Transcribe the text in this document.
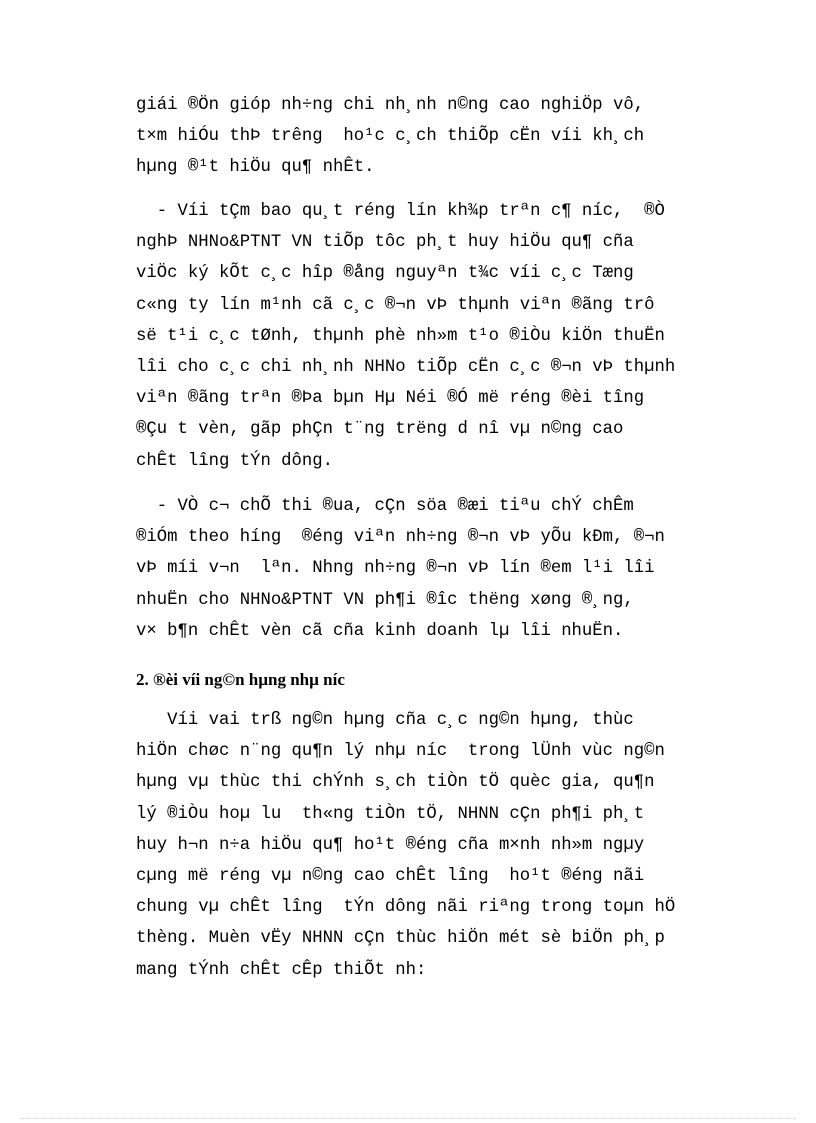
giái ®Ön gióp nh÷ng chi nh¸nh n©ng cao nghiÖp vô,
t×m hiÓu thÞ trêng  ho¹c c¸ch thiÕp cËn víi kh¸ch
hµng ®¹t hiÖu qu¶ nhÊt.
- Víi tÇm bao qu¸t réng lín kh¾p trªn c¶ níc,  ®Ò
nghÞ NHNo&PTNT VN tiÕp tôc ph¸t huy hiÖu qu¶ cña
viÖc ký kÕt c¸c hîp ®ång nguyªn t¾c víi c¸c Tæng
c«ng ty lín m¹nh cã c¸c ®¬n vÞ thµnh viªn ®ãng trô
së t¹i c¸c tØnh, thµnh phè nh»m t¹o ®iÒu kiÖn thuËn
lîi cho c¸c chi nh¸nh NHNo tiÕp cËn c¸c ®¬n vÞ thµnh
viªn ®ãng trªn ®Þa bµn Hµ Néi ®Ó më réng ®èi tîng
®Çu t vèn, gãp phÇn t¨ng trëng d nî vµ n©ng cao
chÊt lîng tÝn dông.
- VÒ c¬ chÕ thi ®ua, cÇn söa ®æi tiªu chÝ chÊm
®iÓm theo híng  ®éng viªn nh÷ng ®¬n vÞ yÕu kÐm, ®¬n
vÞ míi v¬n  lªn. Nhng nh÷ng ®¬n vÞ lín ®em l¹i lîi
nhuËn cho NHNo&PTNT VN ph¶i ®îc thëng xøng ®¸ng,
v× b¶n chÊt vèn cã cña kinh doanh lµ lîi nhuËn.
2. ®èi víi ng©n hµng nhµ níc
Víi vai trß ng©n hµng cña c¸c ng©n hµng, thùc
hiÖn chøc n¨ng qu¶n lý nhµ níc  trong lÜnh vùc ng©n
hµng vµ thùc thi chÝnh s¸ch tiÒn tÖ quèc gia, qu¶n
lý ®iÒu hoµ lu  th«ng tiÒn tÖ, NHNN cÇn ph¶i ph¸t
huy h¬n n÷a hiÖu qu¶ ho¹t ®éng cña m×nh nh»m ngµy
cµng më réng vµ n©ng cao chÊt lîng  ho¹t ®éng nãi
chung vµ chÊt lîng  tÝn dông nãi riªng trong toµn hÖ
thèng. Muèn vËy NHNN cÇn thùc hiÖn mét sè biÖn ph¸p
mang tÝnh chÊt cÊp thiÕt nh:
